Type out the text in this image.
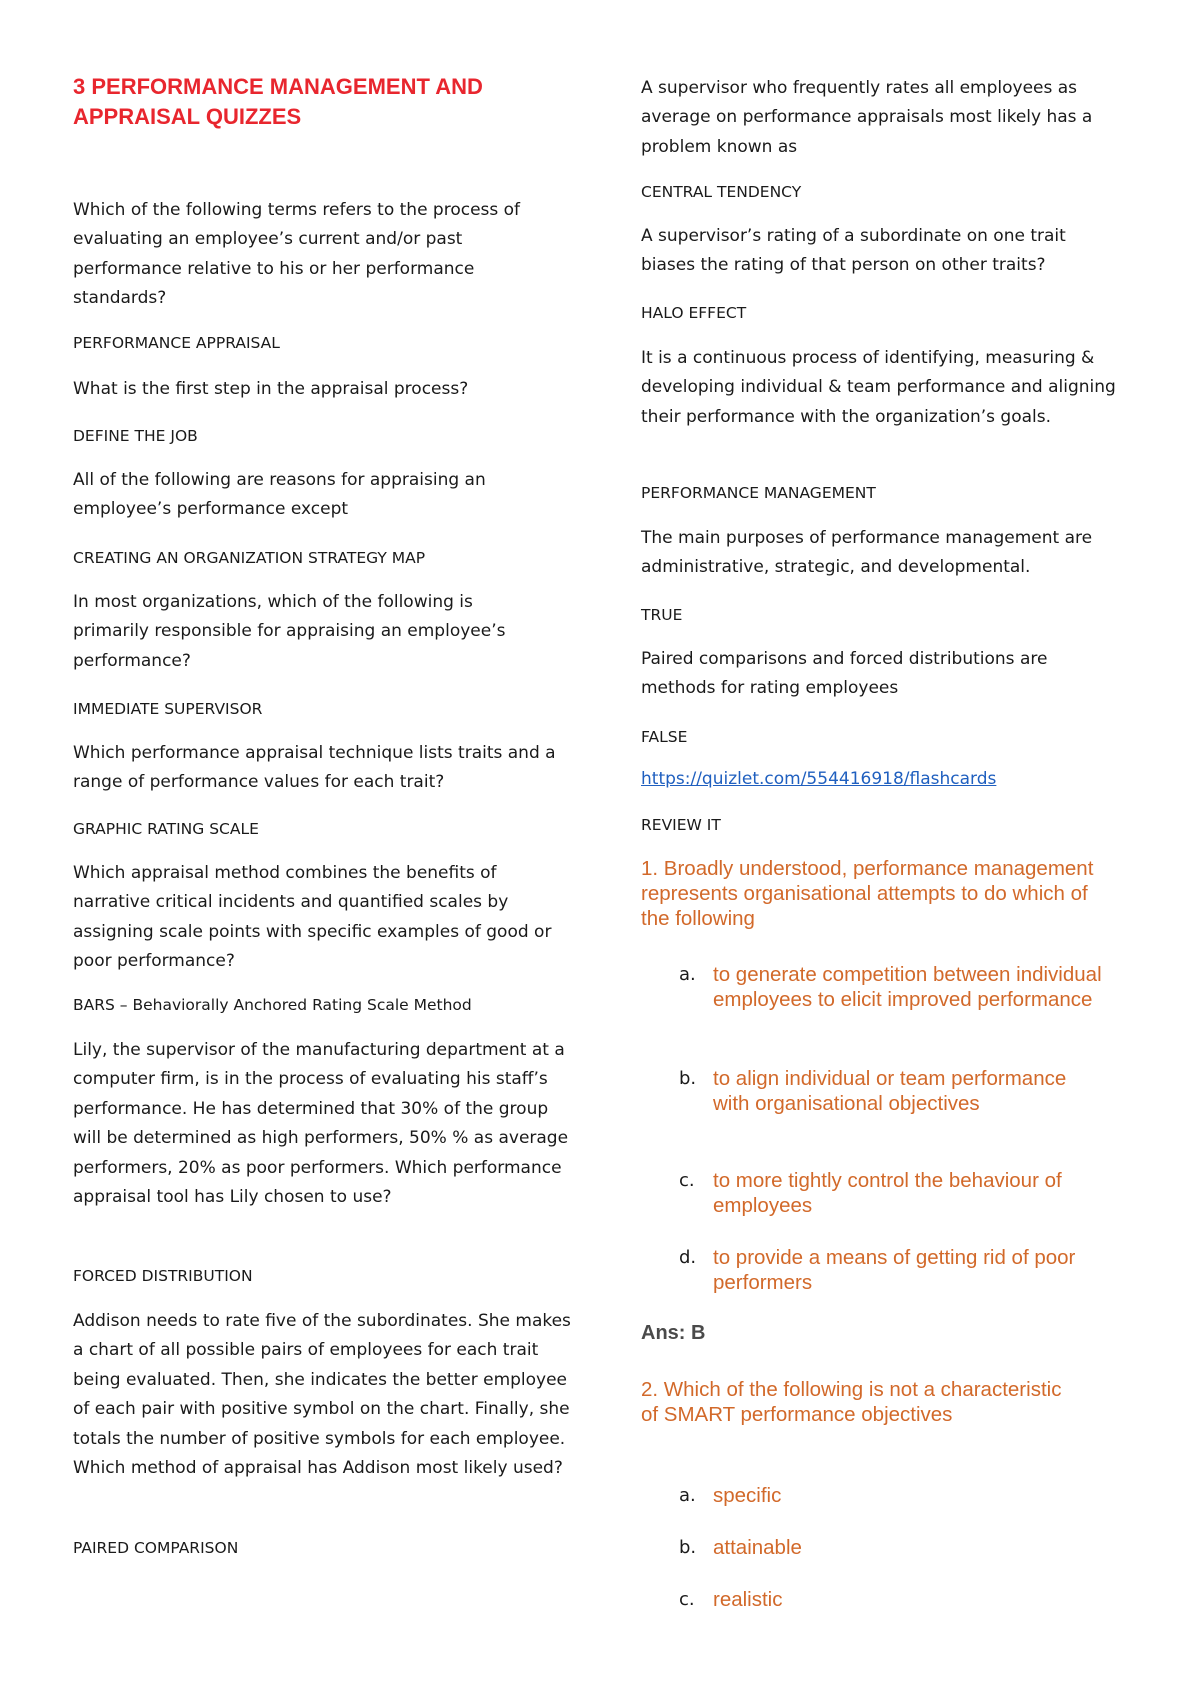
3 PERFORMANCE MANAGEMENT AND APPRAISAL QUIZZES

Which of the following terms refers to the process of evaluating an employee’s current and/or past performance relative to his or her performance standards?

PERFORMANCE APPRAISAL

What is the first step in the appraisal process?

DEFINE THE JOB

All of the following are reasons for appraising an employee’s performance except

CREATING AN ORGANIZATION STRATEGY MAP

In most organizations, which of the following is primarily responsible for appraising an employee’s performance?

IMMEDIATE SUPERVISOR

Which performance appraisal technique lists traits and a range of performance values for each trait?

GRAPHIC RATING SCALE

Which appraisal method combines the benefits of narrative critical incidents and quantified scales by assigning scale points with specific examples of good or poor performance?

BARS – Behaviorally Anchored Rating Scale Method

Lily, the supervisor of the manufacturing department at a computer firm, is in the process of evaluating his staff’s performance. He has determined that 30% of the group will be determined as high performers, 50% % as average performers, 20% as poor performers. Which performance appraisal tool has Lily chosen to use?

FORCED DISTRIBUTION

Addison needs to rate five of the subordinates. She makes a chart of all possible pairs of employees for each trait being evaluated. Then, she indicates the better employee of each pair with positive symbol on the chart. Finally, she totals the number of positive symbols for each employee. Which method of appraisal has Addison most likely used?

PAIRED COMPARISON

A supervisor who frequently rates all employees as average on performance appraisals most likely has a problem known as

CENTRAL TENDENCY

A supervisor’s rating of a subordinate on one trait biases the rating of that person on other traits?

HALO EFFECT

It is a continuous process of identifying, measuring & developing individual & team performance and aligning their performance with the organization’s goals.

PERFORMANCE MANAGEMENT

The main purposes of performance management are administrative, strategic, and developmental.

TRUE

Paired comparisons and forced distributions are methods for rating employees

FALSE

https://quizlet.com/554416918/flashcards

REVIEW IT

1. Broadly understood, performance management represents organisational attempts to do which of the following

a. to generate competition between individual employees to elicit improved performance
b. to align individual or team performance with organisational objectives
c. to more tightly control the behaviour of employees
d. to provide a means of getting rid of poor performers

Ans: B

2. Which of the following is not a characteristic of SMART performance objectives

a. specific
b. attainable
c. realistic
